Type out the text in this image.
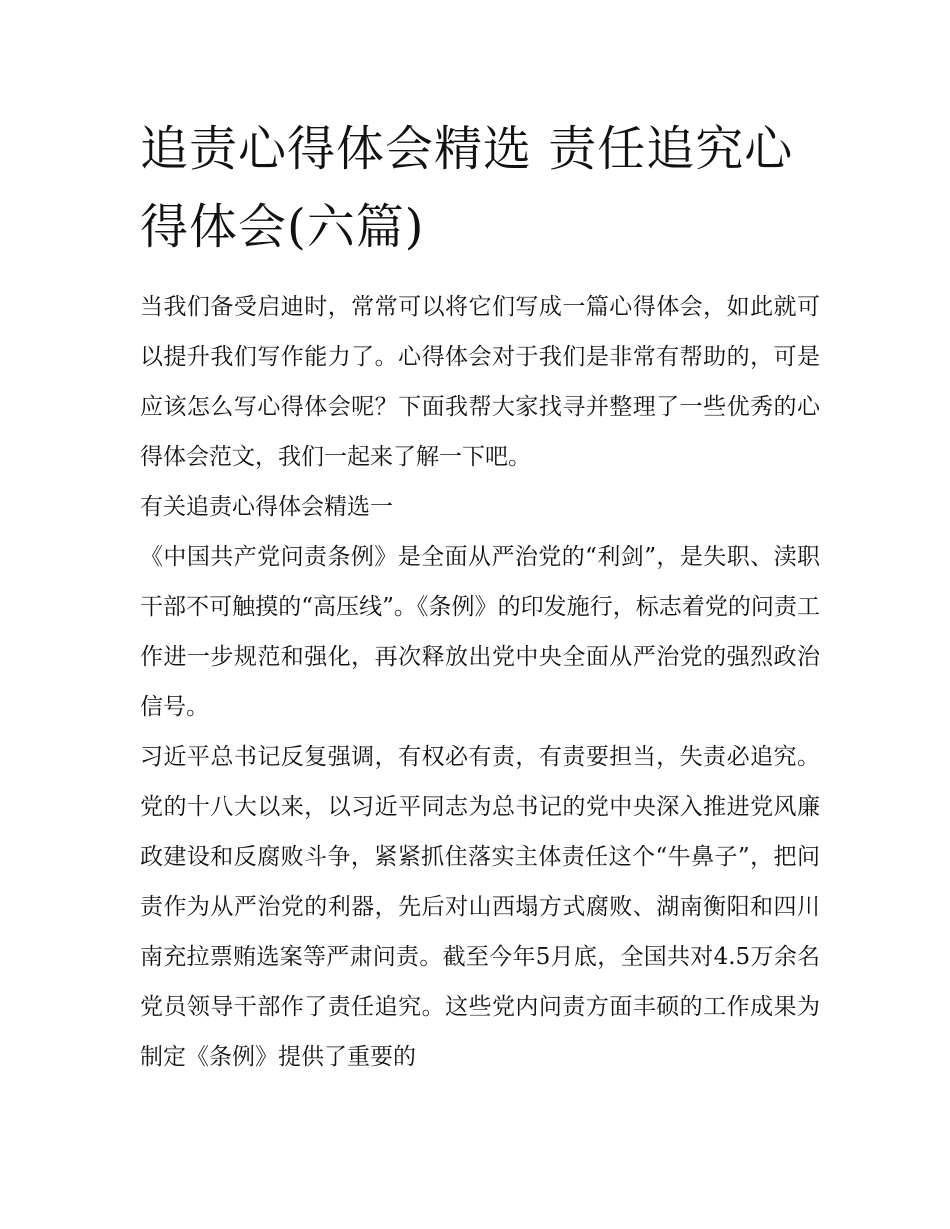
追责心得体会精选 责任追究心得体会(六篇)

当我们备受启迪时，常常可以将它们写成一篇心得体会，如此就可以提升我们写作能力了。心得体会对于我们是非常有帮助的，可是应该怎么写心得体会呢？下面我帮大家找寻并整理了一些优秀的心得体会范文，我们一起来了解一下吧。

有关追责心得体会精选一

《中国共产党问责条例》是全面从严治党的“利剑”，是失职、渎职干部不可触摸的“高压线”。《条例》的印发施行，标志着党的问责工作进一步规范和强化，再次释放出党中央全面从严治党的强烈政治信号。

习近平总书记反复强调，有权必有责，有责要担当，失责必追究。党的十八大以来，以习近平同志为总书记的党中央深入推进党风廉政建设和反腐败斗争，紧紧抓住落实主体责任这个“牛鼻子”，把问责作为从严治党的利器，先后对山西塌方式腐败、湖南衡阳和四川南充拉票贿选案等严肃问责。截至今年5月底，全国共对4.5万余名党员领导干部作了责任追究。这些党内问责方面丰硕的工作成果为制定《条例》提供了重要的
